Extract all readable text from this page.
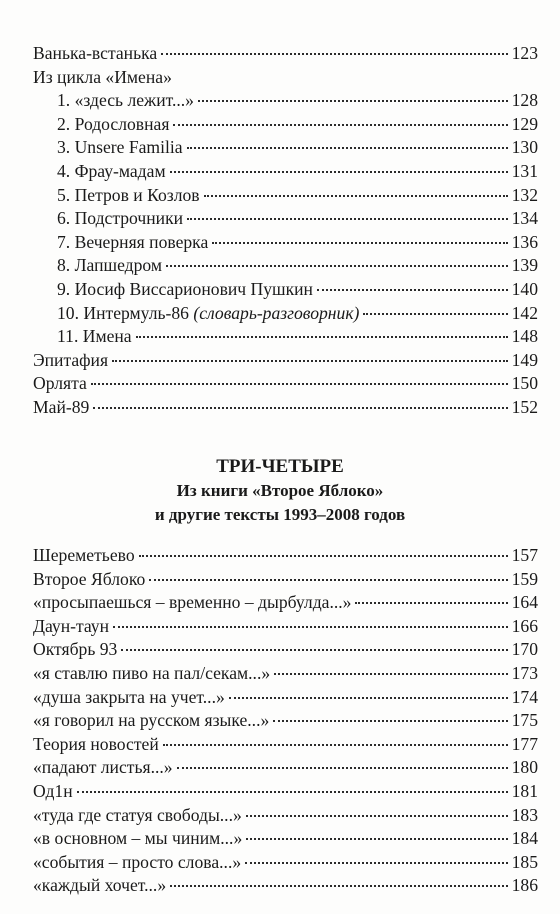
Ванька-встанька	123
Из цикла «Имена»
1. «здесь лежит...»	128
2. Родословная	129
3. Unsere Familia	130
4. Фрау-мадам	131
5. Петров и Козлов	132
6. Подстрочники	134
7. Вечерняя поверка	136
8. Лапшедром	139
9. Иосиф Виссарионович Пушкин	140
10. Интермуль-86 (словарь-разговорник)	142
11. Имена	148
Эпитафия	149
Орлята	150
Май-89	152
ТРИ-ЧЕТЫРЕ
Из книги «Второе Яблоко»
и другие тексты 1993–2008 годов
Шереметьево	157
Второе Яблоко	159
«просыпаешься – временно – дырбулда...»	164
Даун-таун	166
Октябрь 93	170
«я ставлю пиво на пал/секам...»	173
«душа закрыта на учет...»	174
«я говорил на русском языке...»	175
Теория новостей	177
«падают листья...»	180
Од1н	181
«туда где статуя свободы...»	183
«в основном – мы чиним...»	184
«события – просто слова...»	185
«каждый хочет...»	186
